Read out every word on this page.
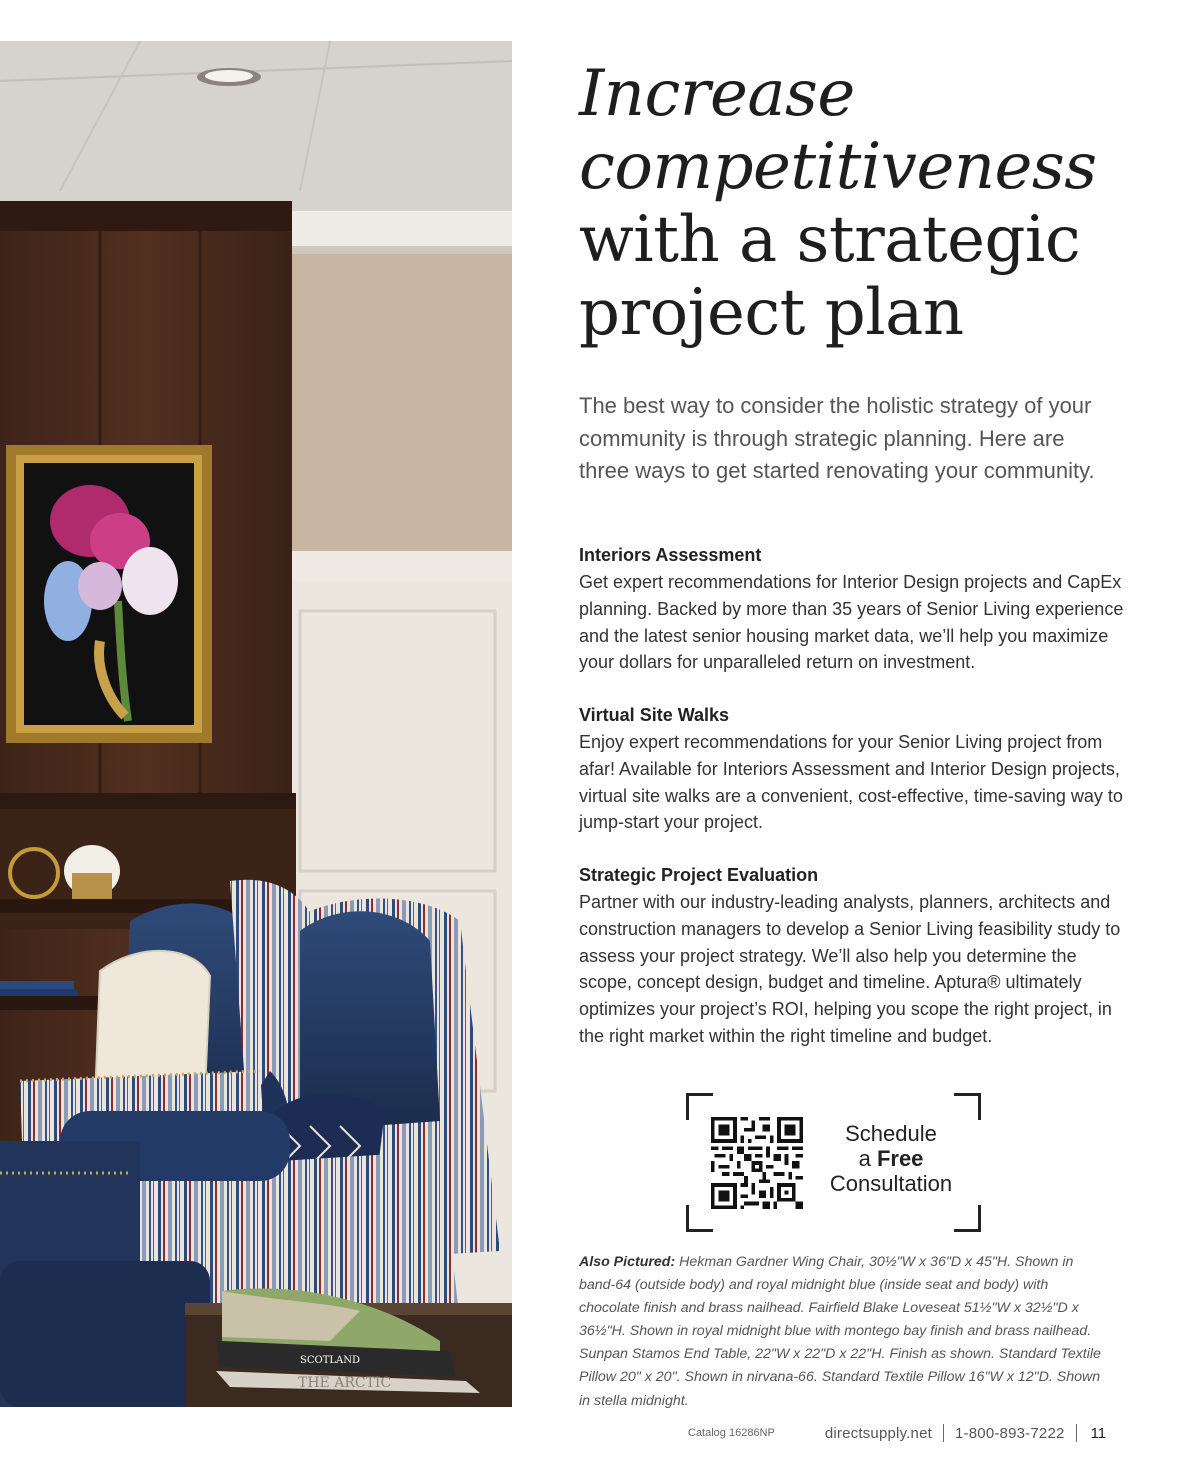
SCOTLAND
THE ARCTIC
Increase
competitiveness
with a strategic
project plan

The best way to consider the holistic strategy of your community is through strategic planning. Here are three ways to get started renovating your community.

Interiors Assessment

Get expert recommendations for Interior Design projects and CapEx planning. Backed by more than 35 years of Senior Living experience and the latest senior housing market data, we’ll help you maximize your dollars for unparalleled return on investment.

Virtual Site Walks

Enjoy expert recommendations for your Senior Living project from afar! Available for Interiors Assessment and Interior Design projects, virtual site walks are a convenient, cost-effective, time-saving way to jump-start your project.

Strategic Project Evaluation

Partner with our industry-leading analysts, planners, architects and construction managers to develop a Senior Living feasibility study to assess your project strategy. We’ll also help you determine the scope, concept design, budget and timeline. Aptura® ultimately optimizes your project’s ROI, helping you scope the right project, in the right market within the right timeline and budget.

Schedule
a Free
Consultation

Also Pictured: Hekman Gardner Wing Chair, 30½"W x 36"D x 45"H. Shown in band-64 (outside body) and royal midnight blue (inside seat and body) with chocolate finish and brass nailhead. Fairfield Blake Loveseat 51½"W x 32½"D x 36½"H. Shown in royal midnight blue with montego bay finish and brass nailhead. Sunpan Stamos End Table, 22"W x 22"D x 22"H. Finish as shown. Standard Textile Pillow 20" x 20". Shown in nirvana-66. Standard Textile Pillow 16"W x 12"D. Shown in stella midnight.

Catalog 16286NP	directsupply.net 1-800-893-7222 11
